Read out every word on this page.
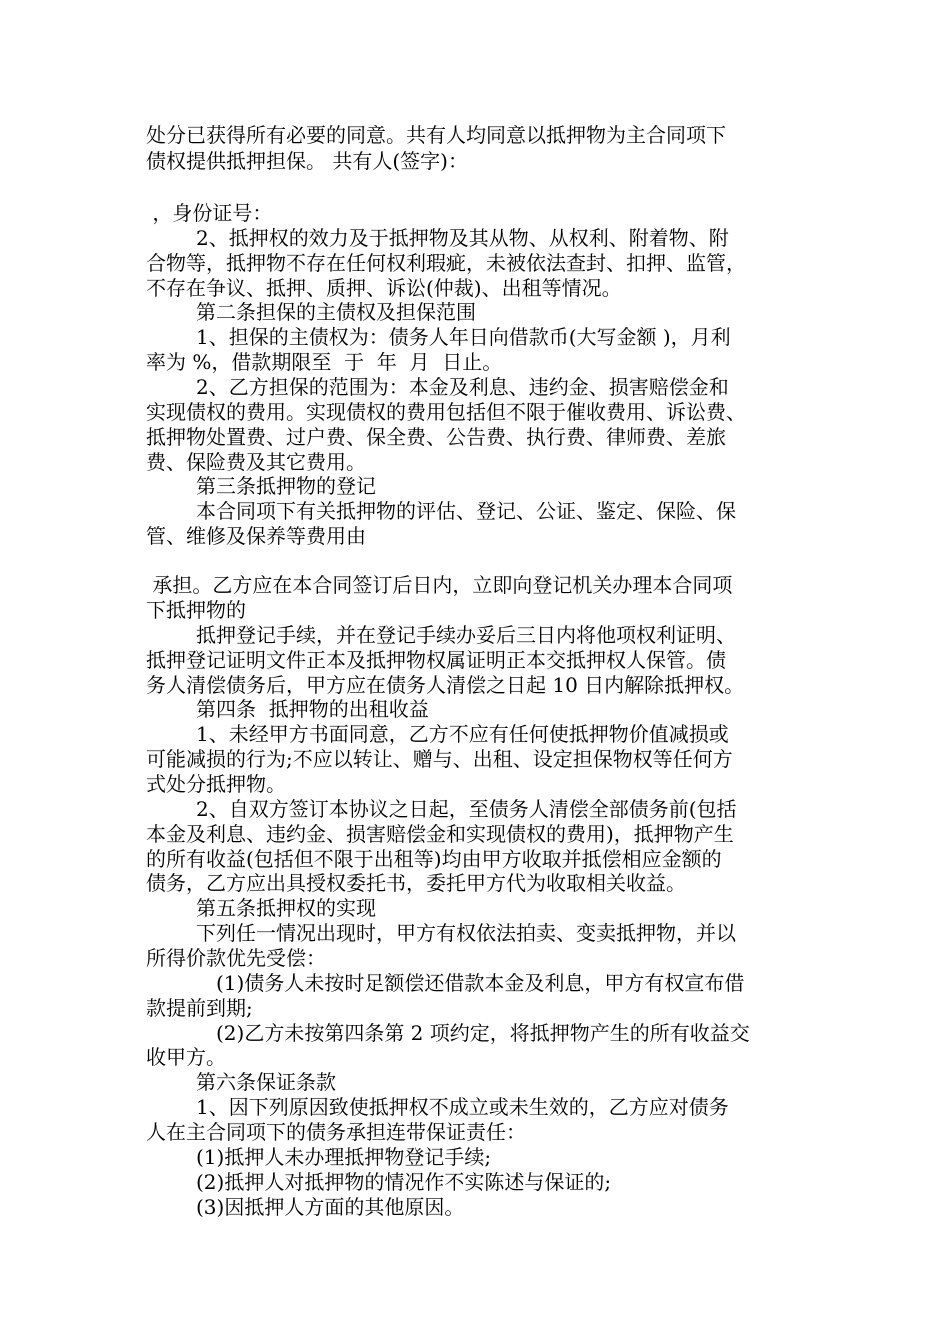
处分已获得所有必要的同意。共有人均同意以抵押物为主合同项下
债权提供抵押担保。 共有人(签字)：
，身份证号：
2、抵押权的效力及于抵押物及其从物、从权利、附着物、附
合物等，抵押物不存在任何权利瑕疵，未被依法查封、扣押、监管，
不存在争议、抵押、质押、诉讼(仲裁)、出租等情况。
第二条担保的主债权及担保范围
1、担保的主债权为：债务人年日向借款币(大写金额 )，月利
率为 %，借款期限至  于  年  月  日止。
2、乙方担保的范围为：本金及利息、违约金、损害赔偿金和
实现债权的费用。实现债权的费用包括但不限于催收费用、诉讼费、
抵押物处置费、过户费、保全费、公告费、执行费、律师费、差旅
费、保险费及其它费用。
第三条抵押物的登记
本合同项下有关抵押物的评估、登记、公证、鉴定、保险、保
管、维修及保养等费用由
承担。乙方应在本合同签订后日内，立即向登记机关办理本合同项
下抵押物的
抵押登记手续，并在登记手续办妥后三日内将他项权利证明、
抵押登记证明文件正本及抵押物权属证明正本交抵押权人保管。债
务人清偿债务后，甲方应在债务人清偿之日起 10 日内解除抵押权。
第四条  抵押物的出租收益
1、未经甲方书面同意，乙方不应有任何使抵押物价值减损或
可能减损的行为;不应以转让、赠与、出租、设定担保物权等任何方
式处分抵押物。
2、自双方签订本协议之日起，至债务人清偿全部债务前(包括
本金及利息、违约金、损害赔偿金和实现债权的费用)，抵押物产生
的所有收益(包括但不限于出租等)均由甲方收取并抵偿相应金额的
债务，乙方应出具授权委托书，委托甲方代为收取相关收益。
第五条抵押权的实现
下列任一情况出现时，甲方有权依法拍卖、变卖抵押物，并以
所得价款优先受偿：
(1)债务人未按时足额偿还借款本金及利息，甲方有权宣布借
款提前到期;
(2)乙方未按第四条第 2 项约定，将抵押物产生的所有收益交
收甲方。
第六条保证条款
1、因下列原因致使抵押权不成立或未生效的，乙方应对债务
人在主合同项下的债务承担连带保证责任：
(1)抵押人未办理抵押物登记手续;
(2)抵押人对抵押物的情况作不实陈述与保证的;
(3)因抵押人方面的其他原因。
